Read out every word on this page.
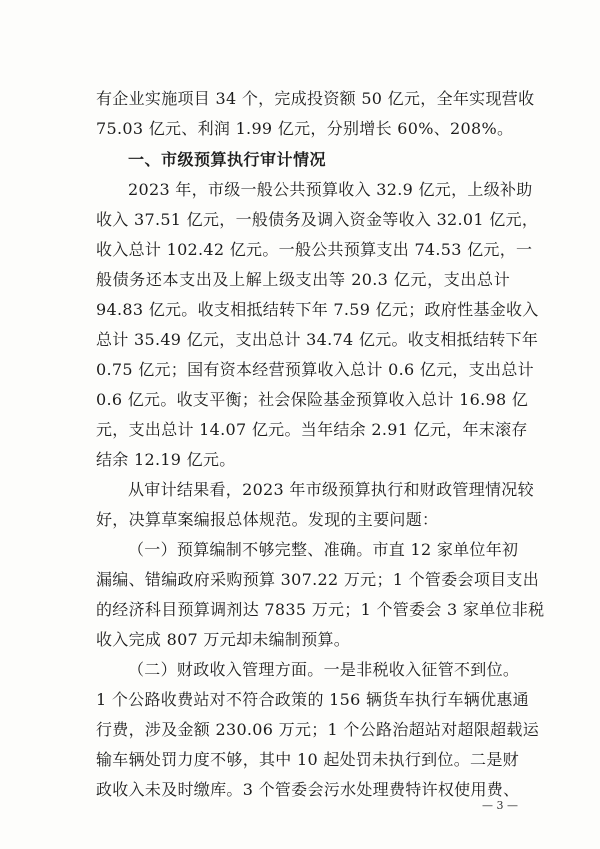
有企业实施项目 34 个，完成投资额 50 亿元，全年实现营收
75.03 亿元、利润 1.99 亿元，分别增长 60%、208%。
一、市级预算执行审计情况
2023 年，市级一般公共预算收入 32.9 亿元，上级补助
收入 37.51 亿元，一般债务及调入资金等收入 32.01 亿元，
收入总计 102.42 亿元。一般公共预算支出 74.53 亿元，一
般债务还本支出及上解上级支出等 20.3 亿元，支出总计
94.83 亿元。收支相抵结转下年 7.59 亿元；政府性基金收入
总计 35.49 亿元，支出总计 34.74 亿元。收支相抵结转下年
0.75 亿元；国有资本经营预算收入总计 0.6 亿元，支出总计
0.6 亿元。收支平衡；社会保险基金预算收入总计 16.98 亿
元，支出总计 14.07 亿元。当年结余 2.91 亿元，年末滚存
结余 12.19 亿元。
从审计结果看，2023 年市级预算执行和财政管理情况较
好，决算草案编报总体规范。发现的主要问题：
（一）预算编制不够完整、准确。市直 12 家单位年初
漏编、错编政府采购预算 307.22 万元；1 个管委会项目支出
的经济科目预算调剂达 7835 万元；1 个管委会 3 家单位非税
收入完成 807 万元却未编制预算。
（二）财政收入管理方面。一是非税收入征管不到位。
1 个公路收费站对不符合政策的 156 辆货车执行车辆优惠通
行费，涉及金额 230.06 万元；1 个公路治超站对超限超载运
输车辆处罚力度不够，其中 10 起处罚未执行到位。二是财
政收入未及时缴库。3 个管委会污水处理费特许权使用费、
— 3 —
